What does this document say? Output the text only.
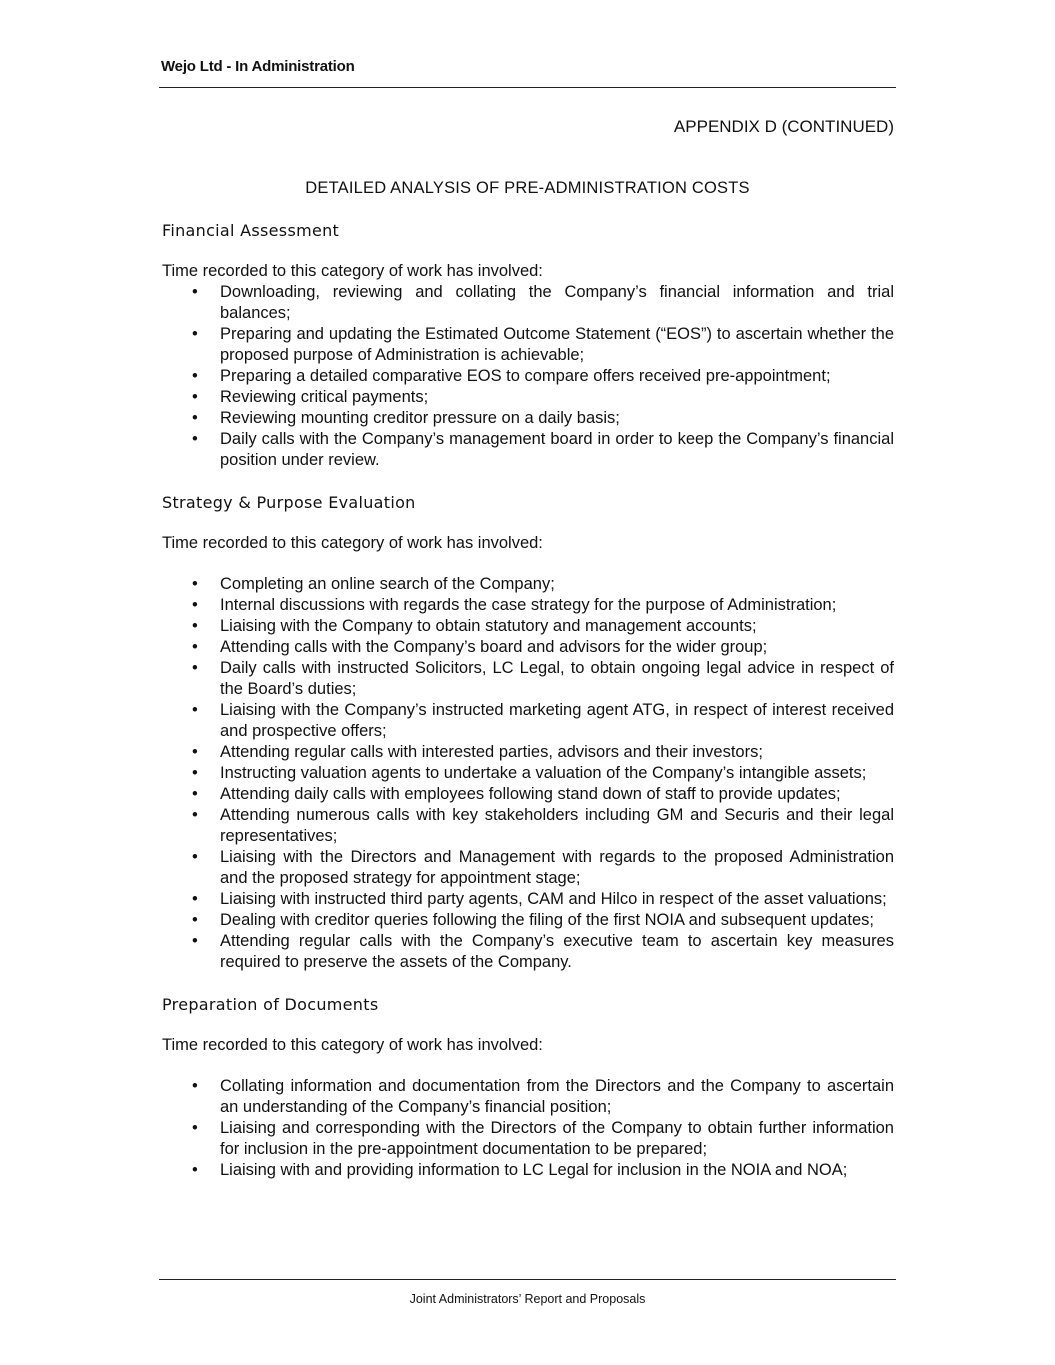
Wejo Ltd - In Administration
APPENDIX D (CONTINUED)
DETAILED ANALYSIS OF PRE-ADMINISTRATION COSTS

Financial Assessment

Time recorded to this category of work has involved:

• Downloading, reviewing and collating the Company’s financial information and trial balances;
• Preparing and updating the Estimated Outcome Statement (“EOS”) to ascertain whether the proposed purpose of Administration is achievable;
• Preparing a detailed comparative EOS to compare offers received pre-appointment;
• Reviewing critical payments;
• Reviewing mounting creditor pressure on a daily basis;
• Daily calls with the Company’s management board in order to keep the Company’s financial position under review.

Strategy & Purpose Evaluation

Time recorded to this category of work has involved:

• Completing an online search of the Company;
• Internal discussions with regards the case strategy for the purpose of Administration;
• Liaising with the Company to obtain statutory and management accounts;
• Attending calls with the Company’s board and advisors for the wider group;
• Daily calls with instructed Solicitors, LC Legal, to obtain ongoing legal advice in respect of the Board’s duties;
• Liaising with the Company’s instructed marketing agent ATG, in respect of interest received and prospective offers;
• Attending regular calls with interested parties, advisors and their investors;
• Instructing valuation agents to undertake a valuation of the Company’s intangible assets;
• Attending daily calls with employees following stand down of staff to provide updates;
• Attending numerous calls with key stakeholders including GM and Securis and their legal representatives;
• Liaising with the Directors and Management with regards to the proposed Administration and the proposed strategy for appointment stage;
• Liaising with instructed third party agents, CAM and Hilco in respect of the asset valuations;
• Dealing with creditor queries following the filing of the first NOIA and subsequent updates;
• Attending regular calls with the Company’s executive team to ascertain key measures required to preserve the assets of the Company.

Preparation of Documents

Time recorded to this category of work has involved:

• Collating information and documentation from the Directors and the Company to ascertain an understanding of the Company’s financial position;
• Liaising and corresponding with the Directors of the Company to obtain further information for inclusion in the pre-appointment documentation to be prepared;
• Liaising with and providing information to LC Legal for inclusion in the NOIA and NOA;
Joint Administrators’ Report and Proposals
